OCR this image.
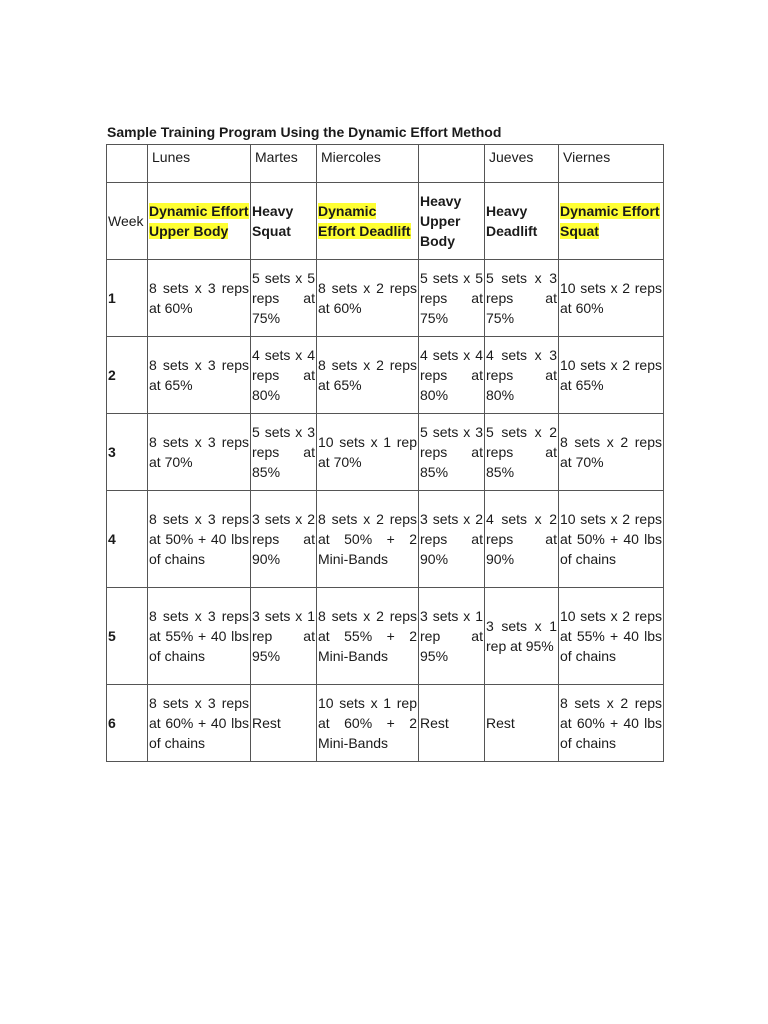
Sample Training Program Using the Dynamic Effort Method
	Lunes	Martes	Miercoles		Jueves	Viernes
Week	Dynamic Effort Upper Body	Heavy Squat	Dynamic Effort Deadlift	Heavy Upper Body	Heavy Deadlift	Dynamic Effort Squat
1	8 sets x 3 reps at 60%	5 sets x 5 reps at 75%	8 sets x 2 reps at 60%	5 sets x 5 reps at 75%	5 sets x 3 reps at 75%	10 sets x 2 reps at 60%
2	8 sets x 3 reps at 65%	4 sets x 4 reps at 80%	8 sets x 2 reps at 65%	4 sets x 4 reps at 80%	4 sets x 3 reps at 80%	10 sets x 2 reps at 65%
3	8 sets x 3 reps at 70%	5 sets x 3 reps at 85%	10 sets x 1 rep at 70%	5 sets x 3 reps at 85%	5 sets x 2 reps at 85%	8 sets x 2 reps at 70%
4	8 sets x 3 reps at 50% + 40 lbs of chains	3 sets x 2 reps at 90%	8 sets x 2 reps at 50% + 2 Mini-Bands	3 sets x 2 reps at 90%	4 sets x 2 reps at 90%	10 sets x 2 reps at 50% + 40 lbs of chains
5	8 sets x 3 reps at 55% + 40 lbs of chains	3 sets x 1 rep at 95%	8 sets x 2 reps at 55% + 2 Mini-Bands	3 sets x 1 rep at 95%	3 sets x 1 rep at 95%	10 sets x 2 reps at 55% + 40 lbs of chains
6	8 sets x 3 reps at 60% + 40 lbs of chains	Rest	10 sets x 1 rep at 60% + 2 Mini-Bands	Rest	Rest	8 sets x 2 reps at 60% + 40 lbs of chains
